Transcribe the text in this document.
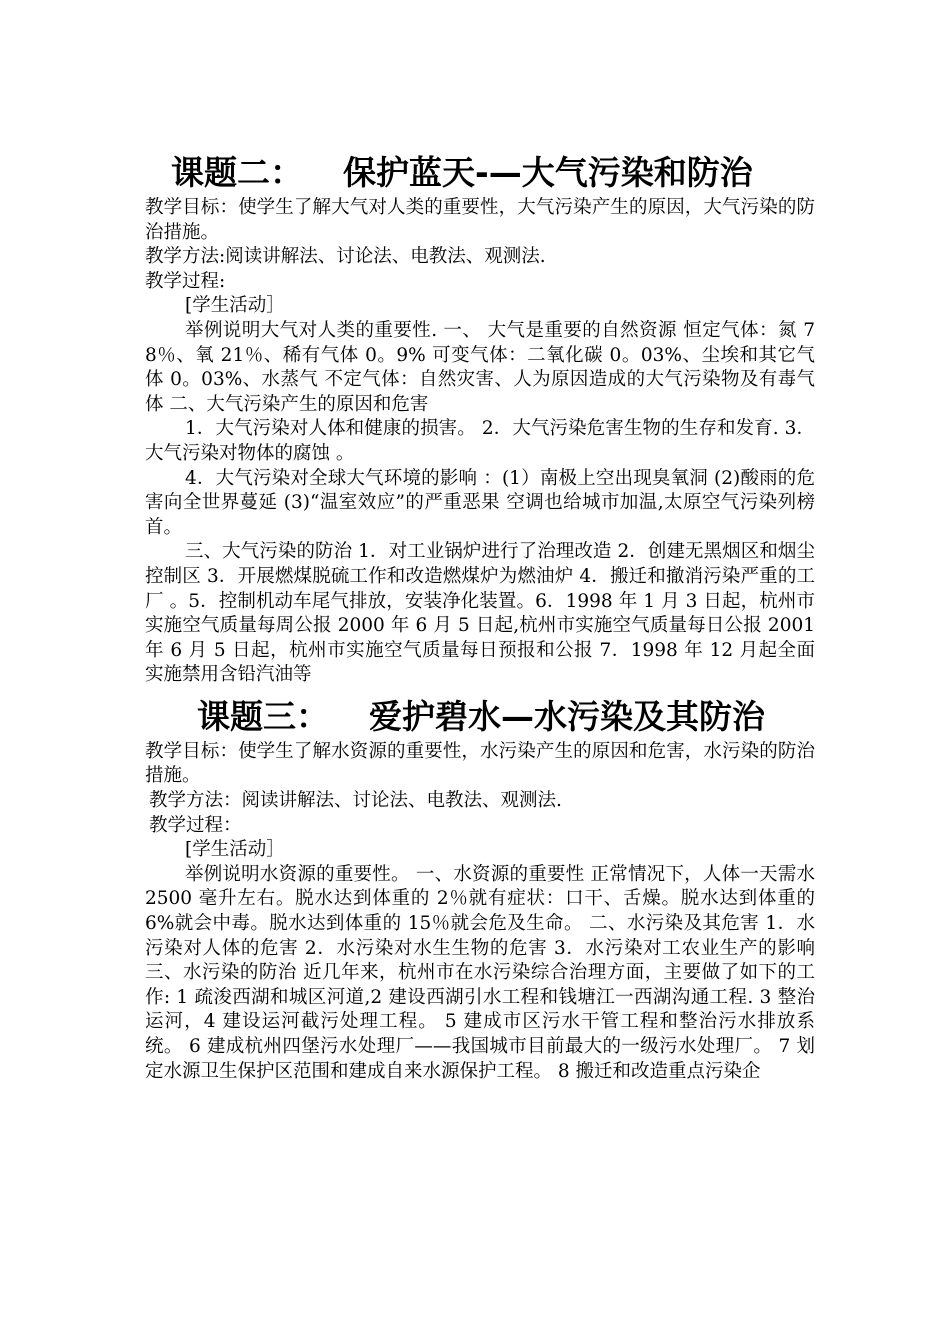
课题二： 保护蓝天-—大气污染和防治

教学目标：使学生了解大气对人类的重要性，大气污染产生的原因，大气污染的防治措施。

教学方法:阅读讲解法、讨论法、电教法、观测法.

教学过程:

[学生活动］

举例说明大气对人类的重要性. 一、 大气是重要的自然资源 恒定气体：氮 78％、氧 21％、稀有气体 0。9% 可变气体：二氧化碳 0。03%、尘埃和其它气体 0。03%、水蒸气 不定气体：自然灾害、人为原因造成的大气污染物及有毒气体 二、大气污染产生的原因和危害

1．大气污染对人体和健康的损害。 2．大气污染危害生物的生存和发育. 3．大气污染对物体的腐蚀 。

4．大气污染对全球大气环境的影响 ：(1）南极上空出现臭氧洞 (2)酸雨的危害向全世界蔓延 (3)“温室效应”的严重恶果 空调也给城市加温,太原空气污染列榜首。

三、大气污染的防治 1．对工业锅炉进行了治理改造 2．创建无黑烟区和烟尘控制区 3．开展燃煤脱硫工作和改造燃煤炉为燃油炉 4．搬迁和撤消污染严重的工厂 。5．控制机动车尾气排放，安装净化装置。6．1998 年 1 月 3 日起，杭州市实施空气质量每周公报 2000 年 6 月 5 日起,杭州市实施空气质量每日公报 2001 年 6 月 5 日起，杭州市实施空气质量每日预报和公报 7．1998 年 12 月起全面实施禁用含铅汽油等

课题三： 爱护碧水—水污染及其防治

教学目标：使学生了解水资源的重要性，水污染产生的原因和危害，水污染的防治措施。

教学方法：阅读讲解法、讨论法、电教法、观测法.

教学过程：

[学生活动］

举例说明水资源的重要性。 一、水资源的重要性 正常情况下，人体一天需水 2500 毫升左右。脱水达到体重的 2％就有症状：口干、舌燥。脱水达到体重的 6%就会中毒。脱水达到体重的 15％就会危及生命。 二、水污染及其危害 1．水污染对人体的危害 2．水污染对水生生物的危害 3．水污染对工农业生产的影响 三、水污染的防治 近几年来，杭州市在水污染综合治理方面，主要做了如下的工作: 1 疏浚西湖和城区河道,2 建设西湖引水工程和钱塘江一西湖沟通工程. 3 整治运河，4 建设运河截污处理工程。 5 建成市区污水干管工程和整治污水排放系统。 6 建成杭州四堡污水处理厂——我国城市目前最大的一级污水处理厂。 7 划定水源卫生保护区范围和建成自来水源保护工程。 8 搬迁和改造重点污染企
